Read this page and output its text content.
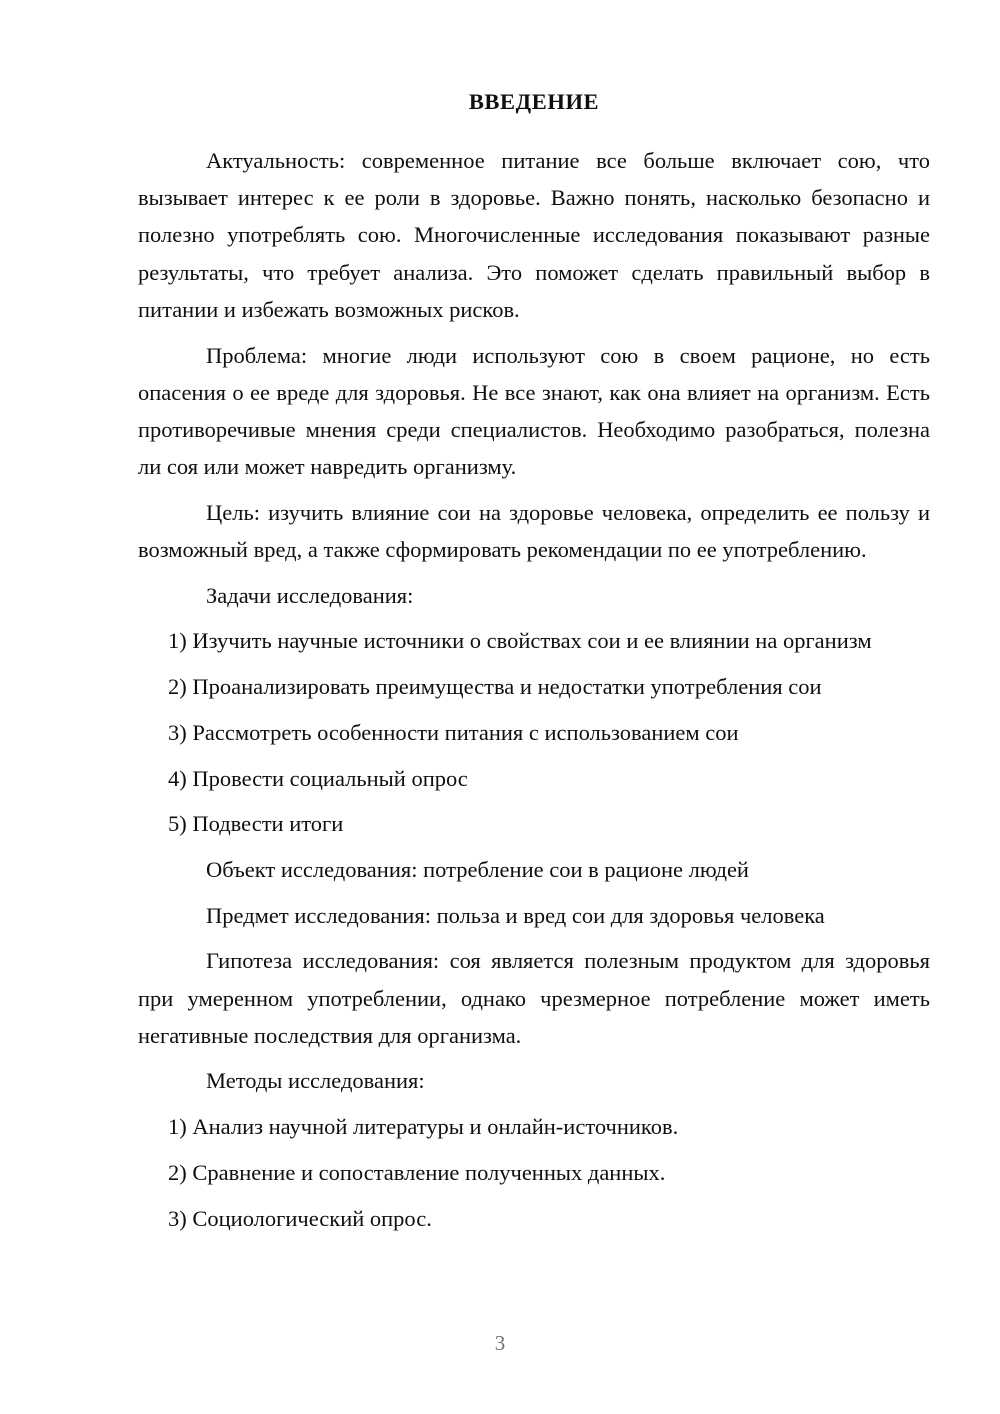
ВВЕДЕНИЕ

Актуальность: современное питание все больше включает сою, что вызывает интерес к ее роли в здоровье. Важно понять, насколько безопасно и полезно употреблять сою. Многочисленные исследования показывают разные результаты, что требует анализа. Это поможет сделать правильный выбор в питании и избежать возможных рисков.

Проблема: многие люди используют сою в своем рационе, но есть опасения о ее вреде для здоровья. Не все знают, как она влияет на организм. Есть противоречивые мнения среди специалистов. Необходимо разобраться, полезна ли соя или может навредить организму.

Цель: изучить влияние сои на здоровье человека, определить ее пользу и возможный вред, а также сформировать рекомендации по ее употреблению.

Задачи исследования:

1) Изучить научные источники о свойствах сои и ее влиянии на организм

2) Проанализировать преимущества и недостатки употребления сои

3) Рассмотреть особенности питания с использованием сои

4) Провести социальный опрос

5) Подвести итоги

Объект исследования: потребление сои в рационе людей

Предмет исследования: польза и вред сои для здоровья человека

Гипотеза исследования: соя является полезным продуктом для здоровья при умеренном употреблении, однако чрезмерное потребление может иметь негативные последствия для организма.

Методы исследования:

1) Анализ научной литературы и онлайн-источников.

2) Сравнение и сопоставление полученных данных.

3) Социологический опрос.

3
